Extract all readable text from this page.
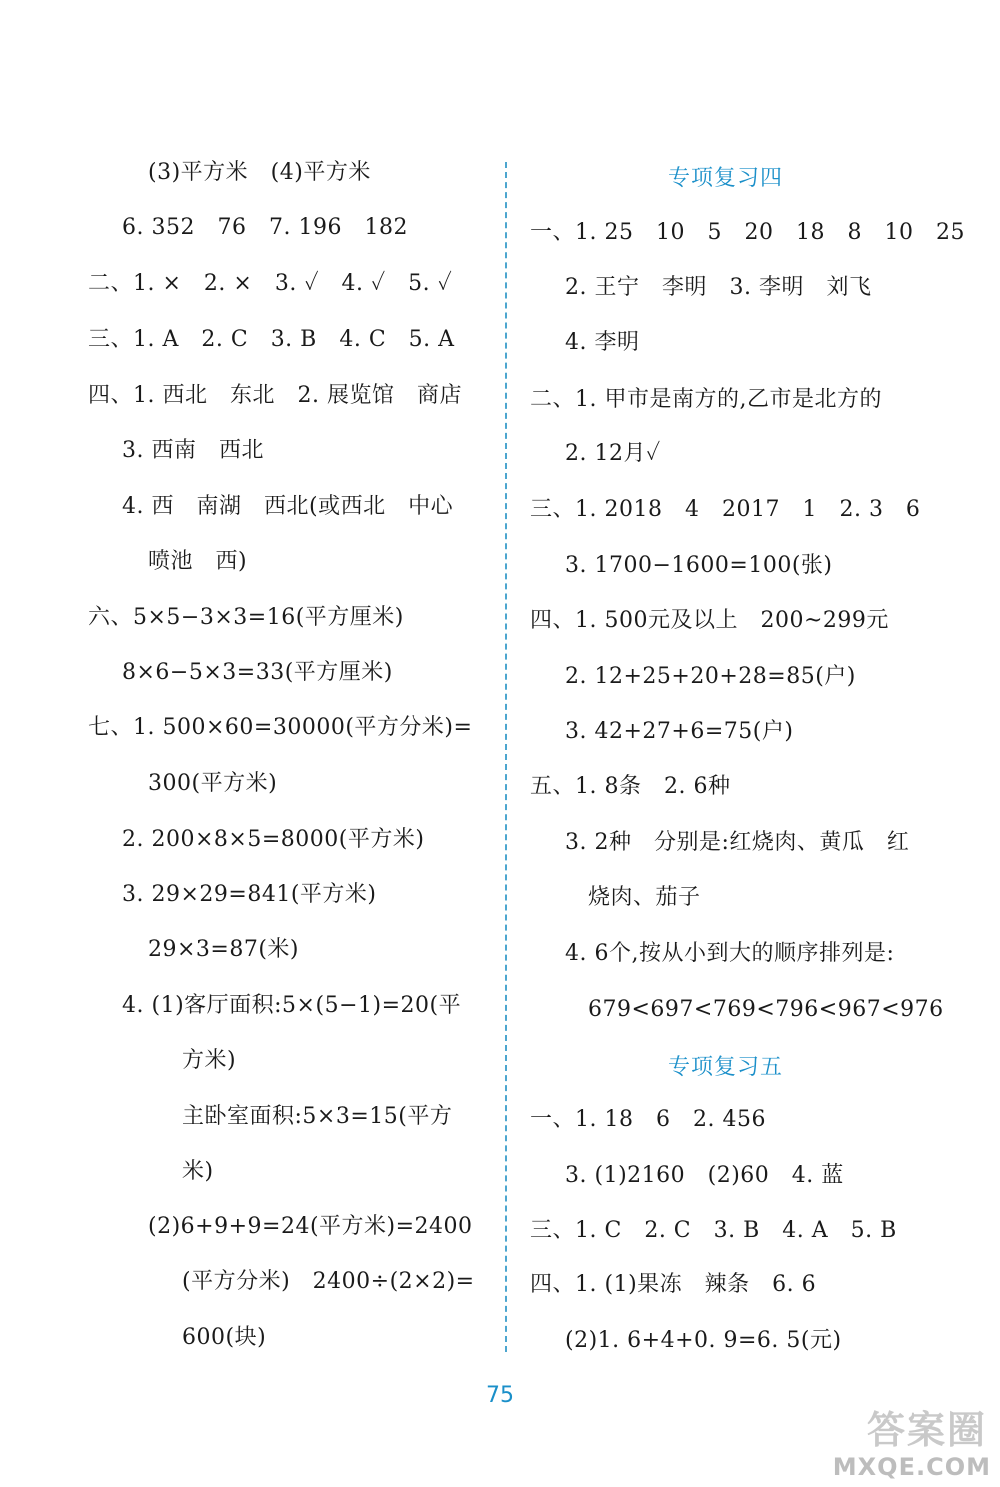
(3)平方米　(4)平方米
6. 352　76　7. 196　182
二、1. ×　2. ×　3. ✓　4. ✓　5. ✓
三、1. A　2. C　3. B　4. C　5. A
四、1. 西北　东北　2. 展览馆　商店
3. 西南　西北
4. 西　南湖　西北(或西北　中心
喷池　西)
六、5×5−3×3=16(平方厘米)
8×6−5×3=33(平方厘米)
七、1. 500×60=30000(平方分米)=
300(平方米)
2. 200×8×5=8000(平方米)
3. 29×29=841(平方米)
29×3=87(米)
4. (1)客厅面积:5×(5−1)=20(平
方米)
主卧室面积:5×3=15(平方
米)
(2)6+9+9=24(平方米)=2400
(平方分米)　2400÷(2×2)=
600(块)
专项复习四
一、1. 25　10　5　20　18　8　10　25
2. 王宁　李明　3. 李明　刘飞
4. 李明
二、1. 甲市是南方的,乙市是北方的
2. 12月✓
三、1. 2018　4　2017　1　2. 3　6
3. 1700−1600=100(张)
四、1. 500元及以上　200~299元
2. 12+25+20+28=85(户)
3. 42+27+6=75(户)
五、1. 8条　2. 6种
3. 2种　分别是:红烧肉、黄瓜　红
烧肉、茄子
4. 6个,按从小到大的顺序排列是:
679<697<769<796<967<976
专项复习五
一、1. 18　6　2. 456
3. (1)2160　(2)60　4. 蓝
三、1. C　2. C　3. B　4. A　5. B
四、1. (1)果冻　辣条　6. 6
(2)1. 6+4+0. 9=6. 5(元)
75
答案圈
MXQE.COM
